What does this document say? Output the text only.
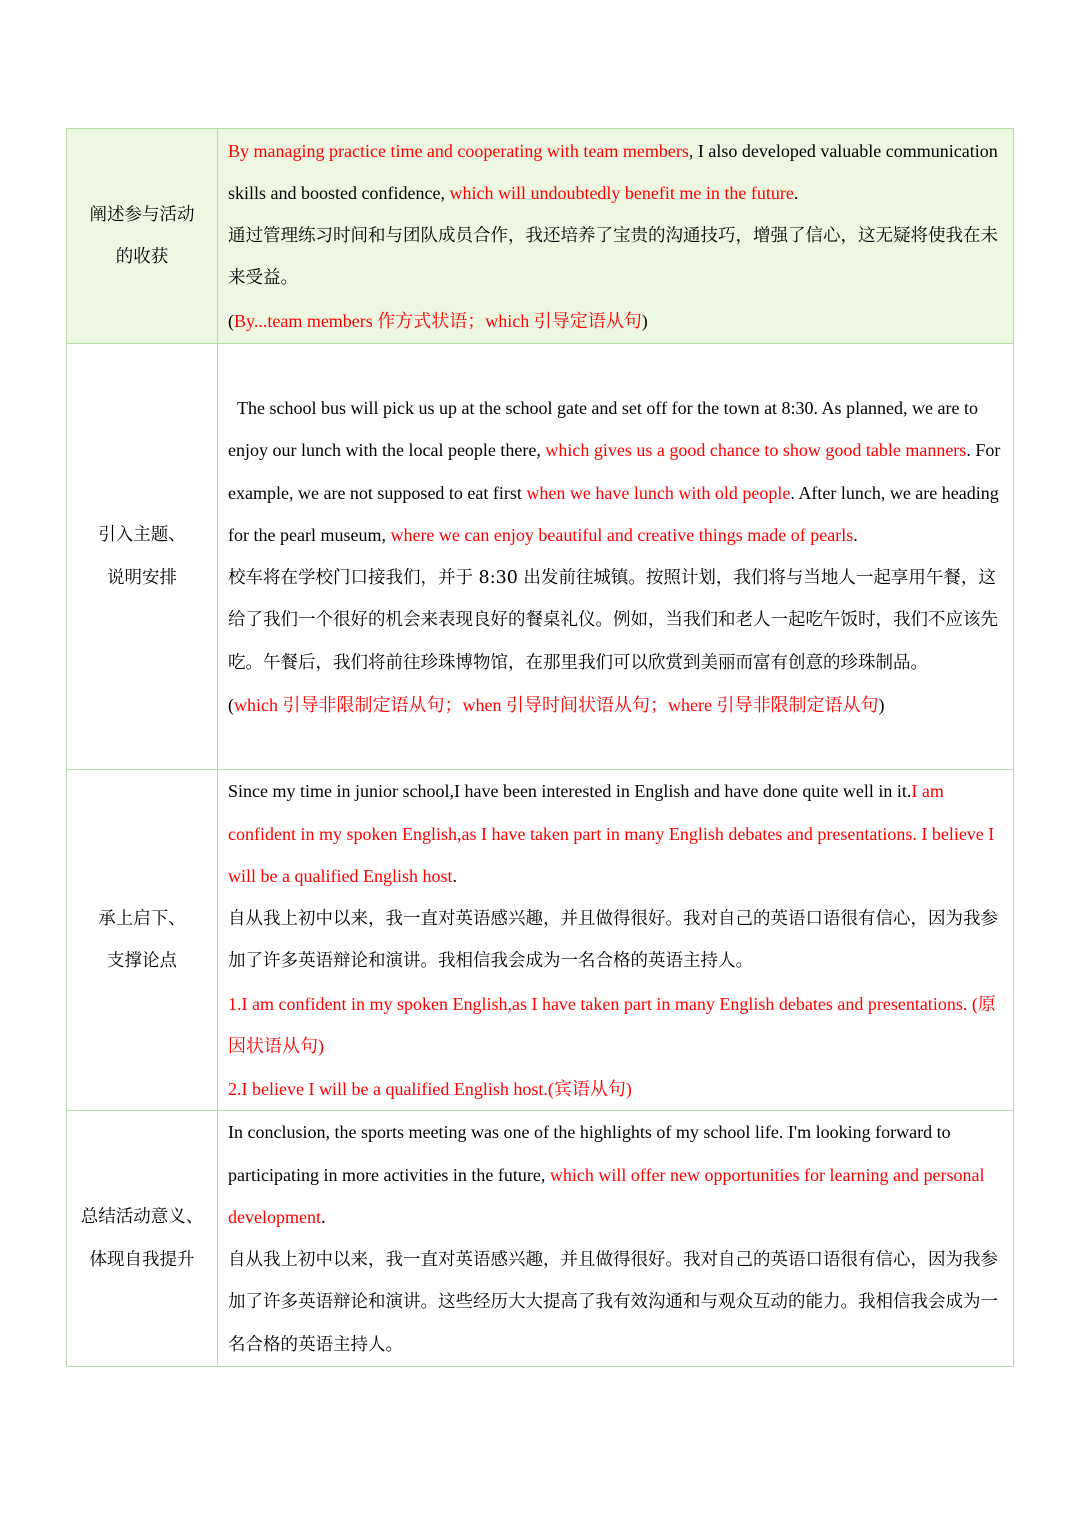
阐述参与活动
的收获	By managing practice time and cooperating with team members, I also developed valuable communication skills and boosted confidence, which will undoubtedly benefit me in the future.
通过管理练习时间和与团队成员合作，我还培养了宝贵的沟通技巧，增强了信心，这无疑将使我在未来受益。
(By...team members 作方式状语；which 引导定语从句)

引入主题、
说明安排	The school bus will pick us up at the school gate and set off for the town at 8:30. As planned, we are to enjoy our lunch with the local people there, which gives us a good chance to show good table manners. For example, we are not supposed to eat first when we have lunch with old people. After lunch, we are heading for the pearl museum, where we can enjoy beautiful and creative things made of pearls.
校车将在学校门口接我们，并于 8:30 出发前往城镇。按照计划，我们将与当地人一起享用午餐，这给了我们一个很好的机会来表现良好的餐桌礼仪。例如，当我们和老人一起吃午饭时，我们不应该先吃。午餐后，我们将前往珍珠博物馆，在那里我们可以欣赏到美丽而富有创意的珍珠制品。
(which 引导非限制定语从句；when 引导时间状语从句；where 引导非限制定语从句)

承上启下、
支撑论点	Since my time in junior school,I have been interested in English and have done quite well in it.I am confident in my spoken English,as I have taken part in many English debates and presentations. I believe I will be a qualified English host.
自从我上初中以来，我一直对英语感兴趣，并且做得很好。我对自己的英语口语很有信心，因为我参加了许多英语辩论和演讲。我相信我会成为一名合格的英语主持人。
1.I am confident in my spoken English,as I have taken part in many English debates and presentations. (原因状语从句)
2.I believe I will be a qualified English host.(宾语从句)

总结活动意义、
体现自我提升	In conclusion, the sports meeting was one of the highlights of my school life. I'm looking forward to participating in more activities in the future, which will offer new opportunities for learning and personal development.
自从我上初中以来，我一直对英语感兴趣，并且做得很好。我对自己的英语口语很有信心，因为我参加了许多英语辩论和演讲。这些经历大大提高了我有效沟通和与观众互动的能力。我相信我会成为一名合格的英语主持人。
